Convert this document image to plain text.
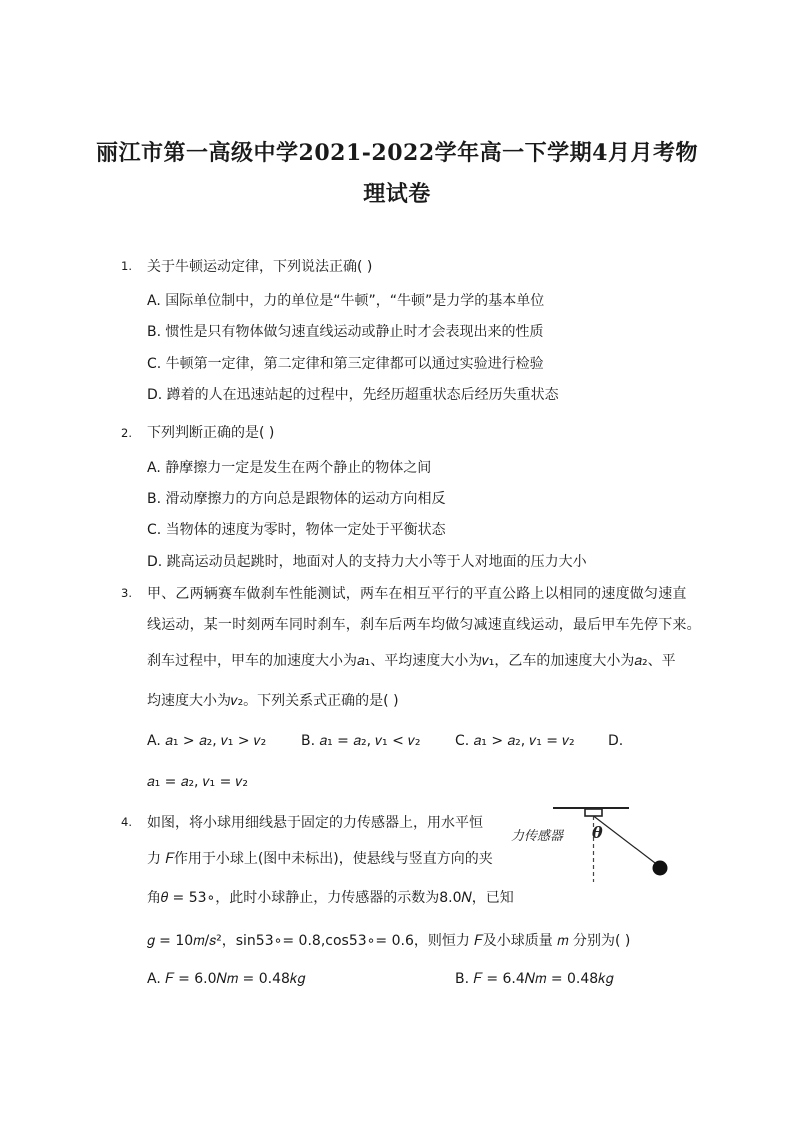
丽江市第一高级中学2021-2022学年高一下学期4月月考物
理试卷
1. 关于牛顿运动定律，下列说法正确( )
A. 国际单位制中，力的单位是“牛顿”，“牛顿”是力学的基本单位
B. 惯性是只有物体做匀速直线运动或静止时才会表现出来的性质
C. 牛顿第一定律，第二定律和第三定律都可以通过实验进行检验
D. 蹲着的人在迅速站起的过程中，先经历超重状态后经历失重状态
2. 下列判断正确的是( )
A. 静摩擦力一定是发生在两个静止的物体之间
B. 滑动摩擦力的方向总是跟物体的运动方向相反
C. 当物体的速度为零时，物体一定处于平衡状态
D. 跳高运动员起跳时，地面对人的支持力大小等于人对地面的压力大小
3. 甲、乙两辆赛车做刹车性能测试，两车在相互平行的平直公路上以相同的速度做匀速直
线运动，某一时刻两车同时刹车，刹车后两车均做匀减速直线运动，最后甲车先停下来。
刹车过程中，甲车的加速度大小为𝑎₁、平均速度大小为𝑣₁，乙车的加速度大小为𝑎₂、平
均速度大小为𝑣₂。下列关系式正确的是( )
A. 𝑎₁ > 𝑎₂, 𝑣₁ > 𝑣₂ B. 𝑎₁ = 𝑎₂, 𝑣₁ < 𝑣₂ C. 𝑎₁ > 𝑎₂, 𝑣₁ = 𝑣₂ D.
𝑎₁ = 𝑎₂, 𝑣₁ = 𝑣₂
4. 如图，将小球用细线悬于固定的力传感器上，用水平恒
力 𝐹作用于小球上(图中未标出)，使悬线与竖直方向的夹
角𝜃 = 53∘，此时小球静止，力传感器的示数为8.0𝑁，已知
𝑔 = 10𝑚/𝑠²，sin53∘= 0.8,cos53∘= 0.6，则恒力 𝐹及小球质量 𝑚 分别为( )
A. 𝐹 = 6.0𝑁𝑚 = 0.48𝑘𝑔	B. 𝐹 = 6.4𝑁𝑚 = 0.48𝑘𝑔
力传感器 θ
